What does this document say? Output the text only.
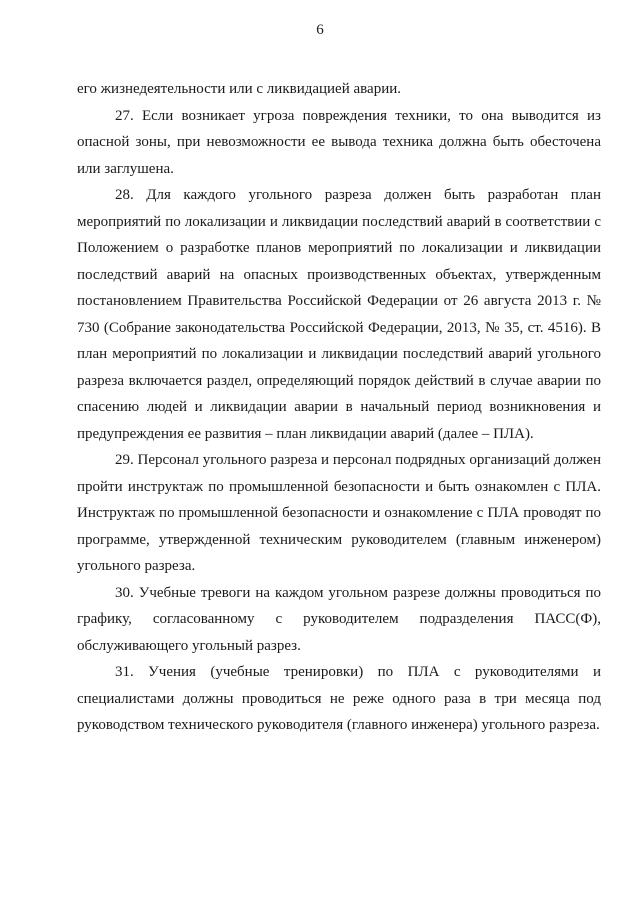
6

его жизнедеятельности или с ликвидацией аварии.

27. Если возникает угроза повреждения техники, то она выводится из опасной зоны, при невозможности ее вывода техника должна быть обесточена или заглушена.

28. Для каждого угольного разреза должен быть разработан план мероприятий по локализации и ликвидации последствий аварий в соответствии с Положением о разработке планов мероприятий по локализации и ликвидации последствий аварий на опасных производственных объектах, утвержденным постановлением Правительства Российской Федерации от 26 августа 2013 г. № 730 (Собрание законодательства Российской Федерации, 2013, № 35, ст. 4516). В план мероприятий по локализации и ликвидации последствий аварий угольного разреза включается раздел, определяющий порядок действий в случае аварии по спасению людей и ликвидации аварии в начальный период возникновения и предупреждения ее развития – план ликвидации аварий (далее – ПЛА).

29. Персонал угольного разреза и персонал подрядных организаций должен пройти инструктаж по промышленной безопасности и быть ознакомлен с ПЛА. Инструктаж по промышленной безопасности и ознакомление с ПЛА проводят по программе, утвержденной техническим руководителем (главным инженером) угольного разреза.

30. Учебные тревоги на каждом угольном разрезе должны проводиться по графику, согласованному с руководителем подразделения ПАСС(Ф), обслуживающего угольный разрез.

31. Учения (учебные тренировки) по ПЛА с руководителями и специалистами должны проводиться не реже одного раза в три месяца под руководством технического руководителя (главного инженера) угольного разреза.
